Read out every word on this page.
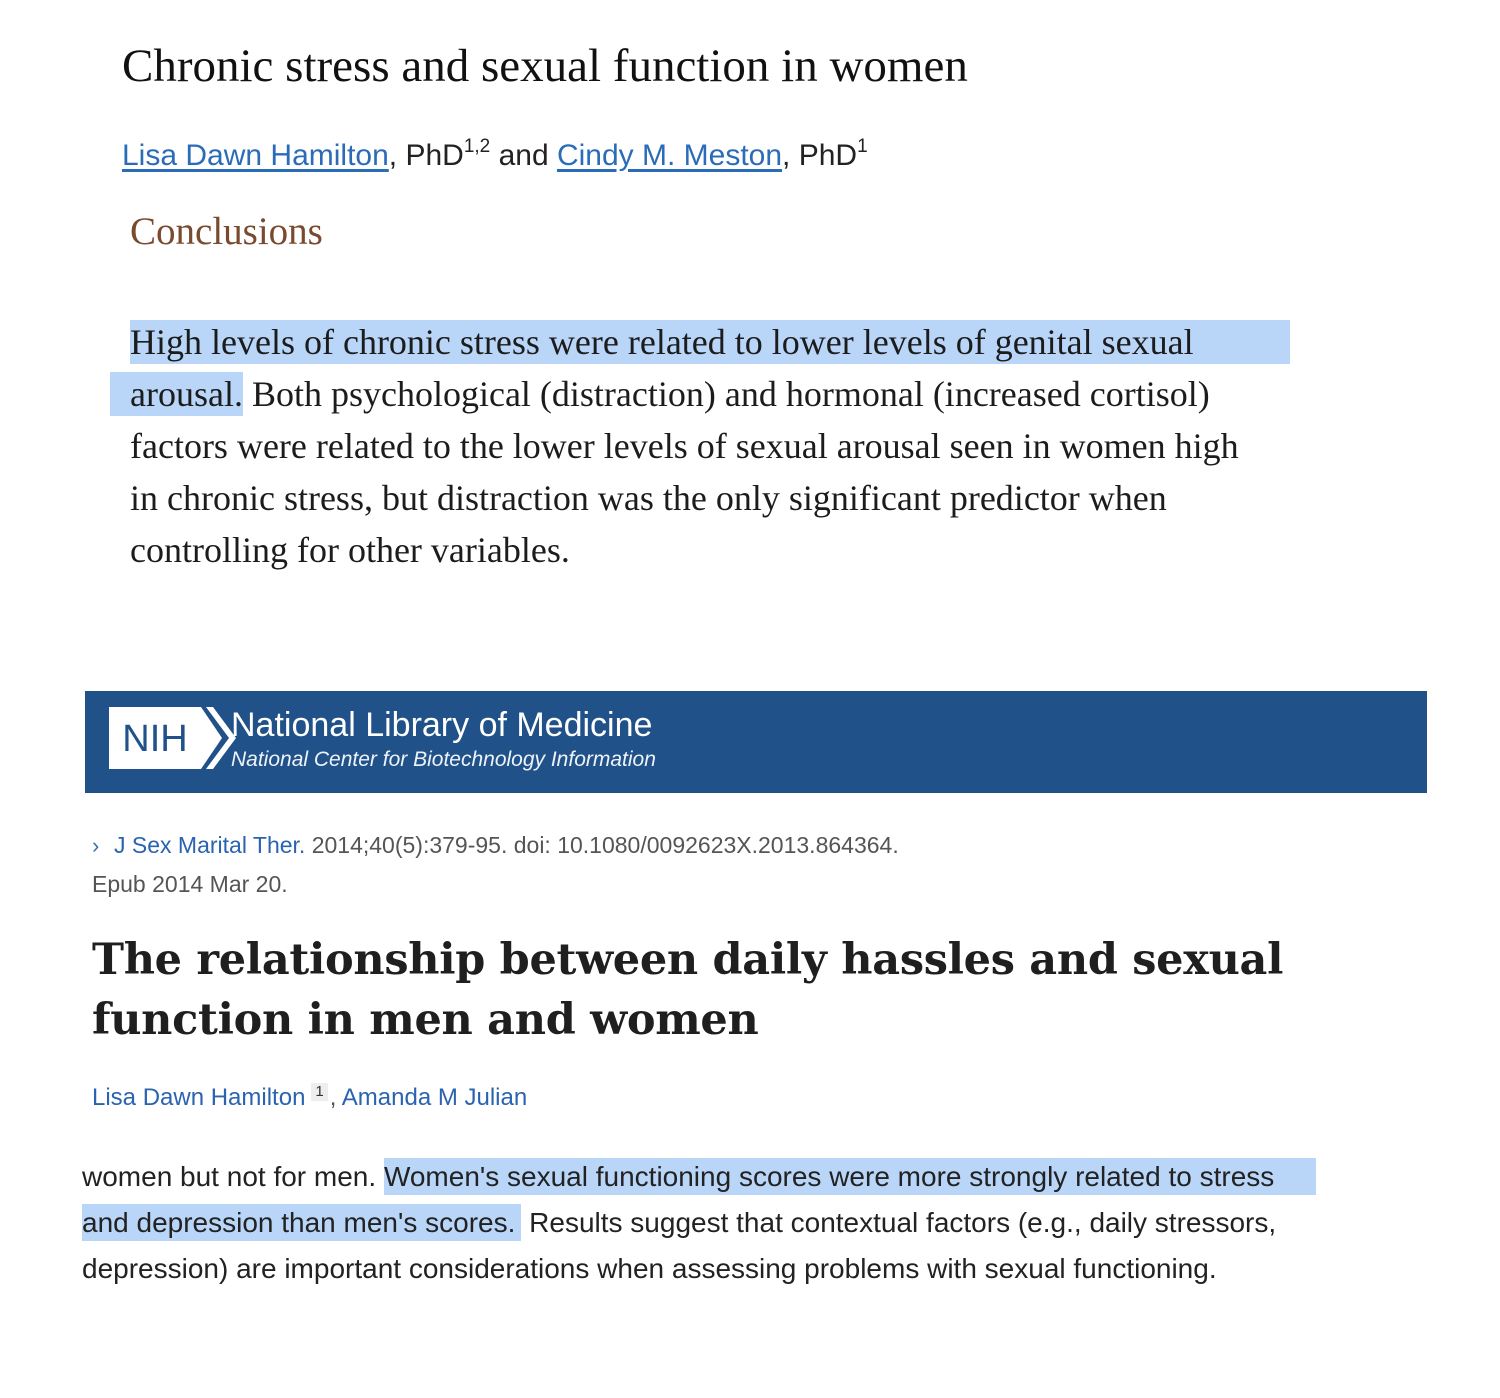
Chronic stress and sexual function in women
Lisa Dawn Hamilton, PhD$^{1,2}$ and Cindy M. Meston, PhD$^1$
Conclusions

High levels of chronic stress were related to lower levels of genital sexual
arousal. Both psychological (distraction) and hormonal (increased cortisol)
factors were related to the lower levels of sexual arousal seen in women high
in chronic stress, but distraction was the only significant predictor when
controlling for other variables.

NIH National Library of Medicine
National Center for Biotechnology Information
› J Sex Marital Ther. 2014;40(5):379-95. doi: 10.1080/0092623X.2013.864364.
Epub 2014 Mar 20.
The relationship between daily hassles and sexual function in men and women
Lisa Dawn Hamilton 1 , Amanda M Julian

women but not for men. Women's sexual functioning scores were more strongly related to stress
and depression than men's scores. Results suggest that contextual factors (e.g., daily stressors,
depression) are important considerations when assessing problems with sexual functioning.
